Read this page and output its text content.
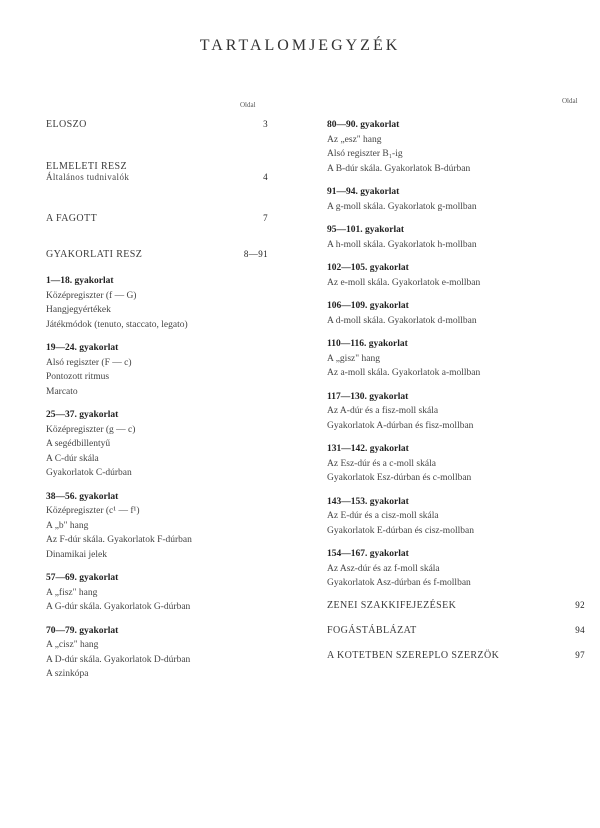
TARTALOMJEGYZÉK
Oldal	Oldal
ELOSZO	3
ELMELETI RESZ
Általános tudnivalók	4
A FAGOTT	7
GYAKORLATI RESZ	8—91
1—18. gyakorlat
Középregiszter (f — G)
Hangjegyértékek
Játékmódok (tenuto, staccato, legato)
19—24. gyakorlat
Alsó regiszter (F — c)
Pontozott ritmus
Marcato
25—37. gyakorlat
Középregiszter (g — c)
A segédbillentyű
A C-dúr skála
Gyakorlatok C-dúrban
38—56. gyakorlat
Középregiszter (c¹ — f¹)
A „b" hang
Az F-dúr skála. Gyakorlatok F-dúrban
Dinamikai jelek
57—69. gyakorlat
A „fisz" hang
A G-dúr skála. Gyakorlatok G-dúrban
70—79. gyakorlat
A „cisz" hang
A D-dúr skála. Gyakorlatok D-dúrban
A szinkópa
80—90. gyakorlat
Az „esz" hang
Alsó regiszter B₁-ig
A B-dúr skála. Gyakorlatok B-dúrban
91—94. gyakorlat
A g-moll skála. Gyakorlatok g-mollban
95—101. gyakorlat
A h-moll skála. Gyakorlatok h-mollban
102—105. gyakorlat
Az e-moll skála. Gyakorlatok e-mollban
106—109. gyakorlat
A d-moll skála. Gyakorlatok d-mollban
110—116. gyakorlat
A „gisz" hang
Az a-moll skála. Gyakorlatok a-mollban
117—130. gyakorlat
Az A-dúr és a fisz-moll skála
Gyakorlatok A-dúrban és fisz-mollban
131—142. gyakorlat
Az Esz-dúr és a c-moll skála
Gyakorlatok Esz-dúrban és c-mollban
143—153. gyakorlat
Az E-dúr és a cisz-moll skála
Gyakorlatok E-dúrban és cisz-mollban
154—167. gyakorlat
Az Asz-dúr és az f-moll skála
Gyakorlatok Asz-dúrban és f-mollban
ZENEI SZAKKIFEJEZÉSEK	92
FOGÁSTÁBLÁZAT	94
A KOTETBEN SZEREPLO SZERZÖK	97
